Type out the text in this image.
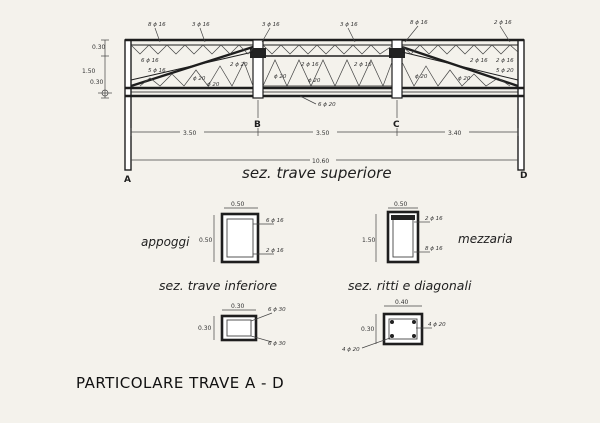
0.30
1.50
0.30
8 ϕ 16	3 ϕ 16	3 ϕ 16	3 ϕ 16	8 ϕ 16	2 ϕ 16
6 ϕ 16
2 ϕ 20
5 ϕ 16
ϕ 20
2 ϕ 16
ϕ 20
2 ϕ 16
2 ϕ 16 2 ϕ 16
ϕ 20
ϕ 20
5 ϕ 20
ϕ 20
ϕ 20
6 ϕ 20
B	C
3.50	3.50	3.40
10.60
A	D
sez. trave superiore
appoggi
0.50
0.50
6 ϕ 16
2 ϕ 16
sez. trave inferiore
0.50
1.50
2 ϕ 16
8 ϕ 16
mezzaria
sez. ritti e diagonali
0.30
0.30
6 ϕ 30
6 ϕ 30
0.40
0.30
4 ϕ 20
4 ϕ 20
PARTICOLARE TRAVE A - D
